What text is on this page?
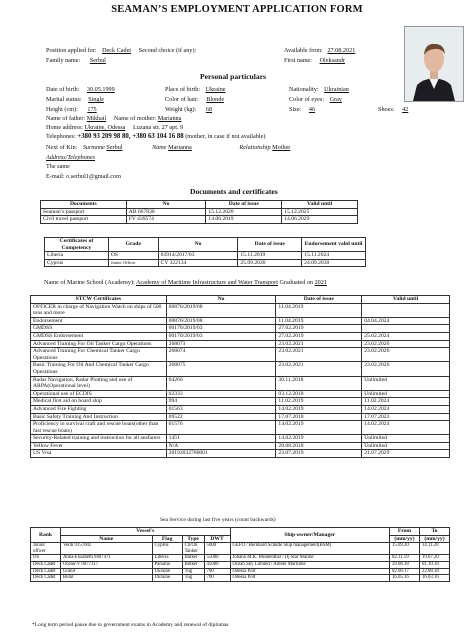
SEAMAN’S EMPLOYMENT APPLICATION FORM
Position applied for: Deck Cadet Second choice (if any):	Available from: 27.08.2021
Family name: Serbul	First name: Oleksandr
Personal particulars
Date of birth: 30.05.1999	Place of birth: Ukraine	Nationality: Ukrainian
Marital status: Single	Color of hair: Blonde	Color of eyes: Gray
Height (cm): 175	Weight (kg): 68	Size: 46	Shoes: 42
Name of father: Mikhail Name of mother: Marianna
Home address: Ukraine, Odessa Luzana str. 27 apt. 9
Telephones: +380 93 209 98 80, +380 63 104 16 88 (mother, in case if not available)
Next of Kin: Surname Serbul	Name Marianna	Relationship Mother
Address/Telephones
The same
E-mail: o.serbul1@gmail.com
Documents and certificates
Documents	No	Date of issue	Valid until
Seaman’s passport	AB 667838	15.12.2020	15.12.2025
Civil travel passport	FV 439574	14.06.2019	14.06.2029
Certificates of Competency	Grade	No	Date of issue	Endorsement valid until
Liberia	OS	03914/2017/03	15.11.2019	15.11.2024
Cyprus	Junior Officer	CY 322134	25.09.2020	24.09.2030
Name of Marine School (Academy): Academy of Maritime Infrastructure and Water Transport Graduated on 2021
STCW Certificates	No	Date of issue	Valid until
OFFICER in charge of Navigation Watch on ships of 500 tons and more	00876/2019/08	11.04.2019	
Endorsement	00876/2019/08	11.04.2019	04.04.2024
GMDSS	00170/2019/03	27.02.2019	
GMDSS Endorsement	00170/2019/03	27.02.2019	25.02.2024
Advanced Training For Oil Tanker Cargo Operations	268073	23.02.2021	23.02.2026
Advanced Training For Chemical Tanker Cargo Operations	268074	23.02.2021	23.02.2026
Basic Training For Oil And Chemical Tanker Cargo Operations	268075	23.02.2021	23.02.2026
Radar Navigation, Radar Plotting and use of ARPA(Operational level)	04266	30.11.2018	Unlimited
Operational use of ECDIS	02333	03.12.2018	Unlimited
Medical first aid on board ship	994	11.02.2019	11.02.2024
Advanced Fire Fighting	01563	14.02.2019	14.02.2024
Basic Safety Training And Instruction	09522	17.07.2018	17.07.2023
Proficiency in survival craft and rescue boats(other than fast rescue boats)	01576	14.02.2019	14.02.2024
Security-Related training and instruction for all seafarers	1451	14.02.2019	Unlimited
Yellow Fever	N/A	28.08.2018	Unlimited
US Visa	20192032780001	23.07.2019	21.07.2029
Sea Service during last five years (count backwards)
Rank	Vessel's				Ship-owner/Manager	From	To
	Name	Flag	Type	DWT		(mm/yy)	(mm/yy)
Junior officer	Verdi 9157002	Cyprus	Ch/Oil Tanker	5000	GEFO / Bernhard Schulte Ship management(BSM)	15.09.20	14.11.20
OS	Anna-Elisabeth 9407471	Liberia	Bulker	55000	Johann M.K. Blumenthal / Dj Star Marine	02.11.19	19.07.20
Deck Cadet	Ocean-V 9077317	Panama	Bulker	45000	Ocean Sky Limited / Amber Maritime	29.08.18	01.10.18
Deck Cadet	Granit	Ukraine	Tug	700	Odessa Port	02.08.17	22.08.18
Deck Cadet	Bulat	Ukraine	Tug	700	Odessa Port	16.05.16	16.03.16
*Long term period pause due to government exams in Academy and renewal of diplomas
